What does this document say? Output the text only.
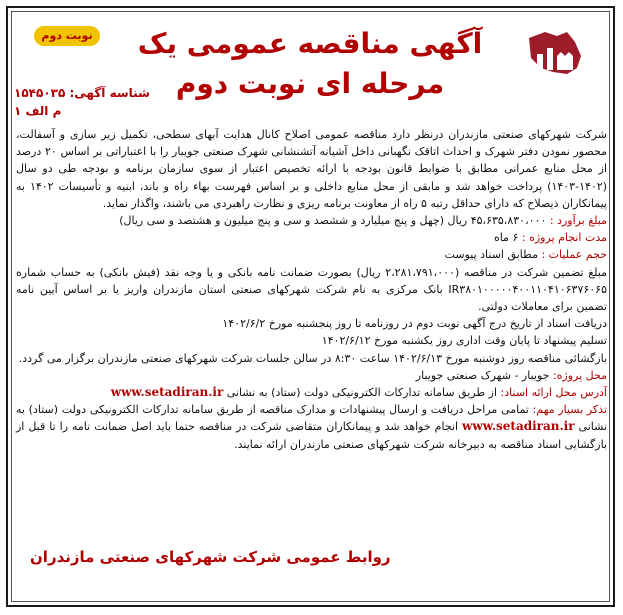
نوبت دوم	آگهی مناقصه عمومی یک مرحله ای نوبت دوم
شناسه آگهی: ۱۵۴۵۰۳۵
م الف ۱

شرکت شهرکهای صنعتی مازندران درنظر دارد مناقصه عمومی اصلاح کانال هدایت آبهای سطحی، تکمیل زیر سازی و آسفالت، محصور نمودن دفتر شهرک و احداث اتاقک نگهبانی داخل آشیانه آتشنشانی شهرک صنعتی جویبار را با اعتباراتی بر اساس ۲۰ درصد از محل منابع عمرانی مطابق با ضوابط قانون بودجه با ارائه تخصیص اعتبار از سوی سازمان برنامه و بودجه طی دو سال (۱۴۰۲-۱۴۰۳) پرداخت خواهد شد و مابقی از محل منابع داخلی و بر اساس فهرست بهاء راه و باند، ابنیه و تأسیسات ۱۴۰۲ به پیمانکاران ذیصلاح که دارای حداقل رتبه ۵ راه از معاونت برنامه ریزی و نظارت راهبردی می باشند، واگذار نماید.

مبلغ برآورد : ۴۵،۶۳۵،۸۳۰،۰۰۰ ریال (چهل و پنج میلیارد و ششصد و سی و پنج میلیون و هشتصد و سی ریال)

مدت انجام پروژه : ۶ ماه

حجم عملیات : مطابق اسناد پیوست

مبلغ تضمین شرکت در مناقصه (۲،۲۸۱،۷۹۱،۰۰۰ ریال) بصورت ضمانت نامه بانکی و یا وجه نقد (فیش بانکی) به حساب شماره IR۳۸۰۱۰۰۰۰۰۴۰۰۱۱۰۴۱۰۶۳۷۶۰۶۵ بانک مرکزی به نام شرکت شهرکهای صنعتی استان مازندران واریز یا بر اساس آیین نامه تضمین برای معاملات دولتی.

دریافت اسناد از تاریخ درج آگهی نوبت دوم در روزنامه تا روز پنجشنبه مورخ ۱۴۰۲/۶/۲

تسلیم پیشنهاد تا پایان وقت اداری روز یکشنبه مورخ ۱۴۰۲/۶/۱۲

بازگشائی مناقصه روز دوشنبه مورخ ۱۴۰۲/۶/۱۳ ساعت ۸:۳۰ در سالن جلسات شرکت شهرکهای صنعتی مازندران برگزار می گردد.

محل پروژه: جویبار - شهرک صنعتی جویبار

آدرس محل ارائه اسناد: از طریق سامانه تدارکات الکترونیکی دولت (ستاد) به نشانی www.setadiran.ir

تذکر بسیار مهم: تمامی مراحل دریافت و ارسال پیشنهادات و مدارک مناقصه از طریق سامانه تدارکات الکترونیکی دولت (ستاد) به نشانی www.setadiran.ir انجام خواهد شد و پیمانکاران متقاضی شرکت در مناقصه حتما باید اصل ضمانت نامه را تا قبل از بازگشایی اسناد مناقصه به دبیرخانه شرکت شهرکهای صنعتی مازندران ارائه نمایند.

روابط عمومی شرکت شهرکهای صنعتی مازندران
